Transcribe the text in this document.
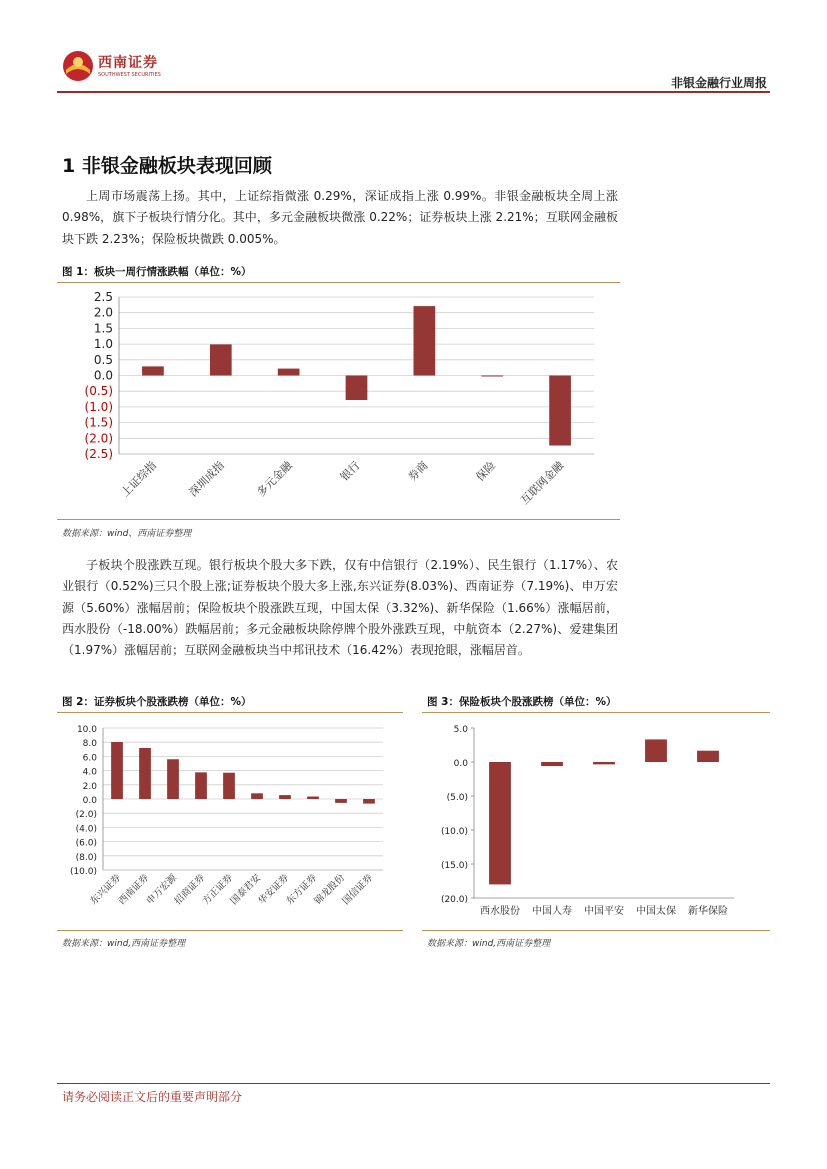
西南证券
SOUTHWEST SECURITIES
非银金融行业周报
1 非银金融板块表现回顾

上周市场震荡上扬。其中，上证综指微涨 0.29%，深证成指上涨 0.99%。非银金融板块全周上涨 0.98%，旗下子板块行情分化。其中，多元金融板块微涨 0.22%；证券板块上涨 2.21%；互联网金融板块下跌 2.23%；保险板块微跌 0.005%。

图 1：板块一周行情涨跌幅（单位：%）
2.5
2.0
1.5
1.0
0.5
0.0
(0.5)
(1.0)
(1.5)
(2.0)
(2.5)
上证综指	深圳成指	多元金融	银行	券商	保险 互联网金融
数据来源：wind、西南证券整理

子板块个股涨跌互现。银行板块个股大多下跌，仅有中信银行（2.19%）、民生银行（1.17%）、农业银行（0.52%)三只个股上涨;证券板块个股大多上涨,东兴证券(8.03%)、西南证券（7.19%)、申万宏源（5.60%）涨幅居前；保险板块个股涨跌互现，中国太保（3.32%)、新华保险（1.66%）涨幅居前，西水股份（-18.00%）跌幅居前；多元金融板块除停牌个股外涨跌互现，中航资本（2.27%)、爱建集团（1.97%）涨幅居前；互联网金融板块当中邦讯技术（16.42%）表现抢眼，涨幅居首。

图 2：证券板块个股涨跌榜（单位：%）
10.0
8.0
6.0
4.0
2.0
0.0
(2.0)
(4.0)
(6.0)
(8.0)
(10.0)
东兴证券
西南证券
申万宏源
招商证券
方正证券
国泰君安
华安证券
东方证券
锦龙股份
国信证券
数据来源：wind,西南证券整理
图 3：保险板块个股涨跌榜（单位：%）
5.0
0.0
(5.0)
(10.0)
(15.0)
(20.0)
西水股份 中国人寿 中国平安 中国太保 新华保险
数据来源：wind,西南证券整理
请务必阅读正文后的重要声明部分
